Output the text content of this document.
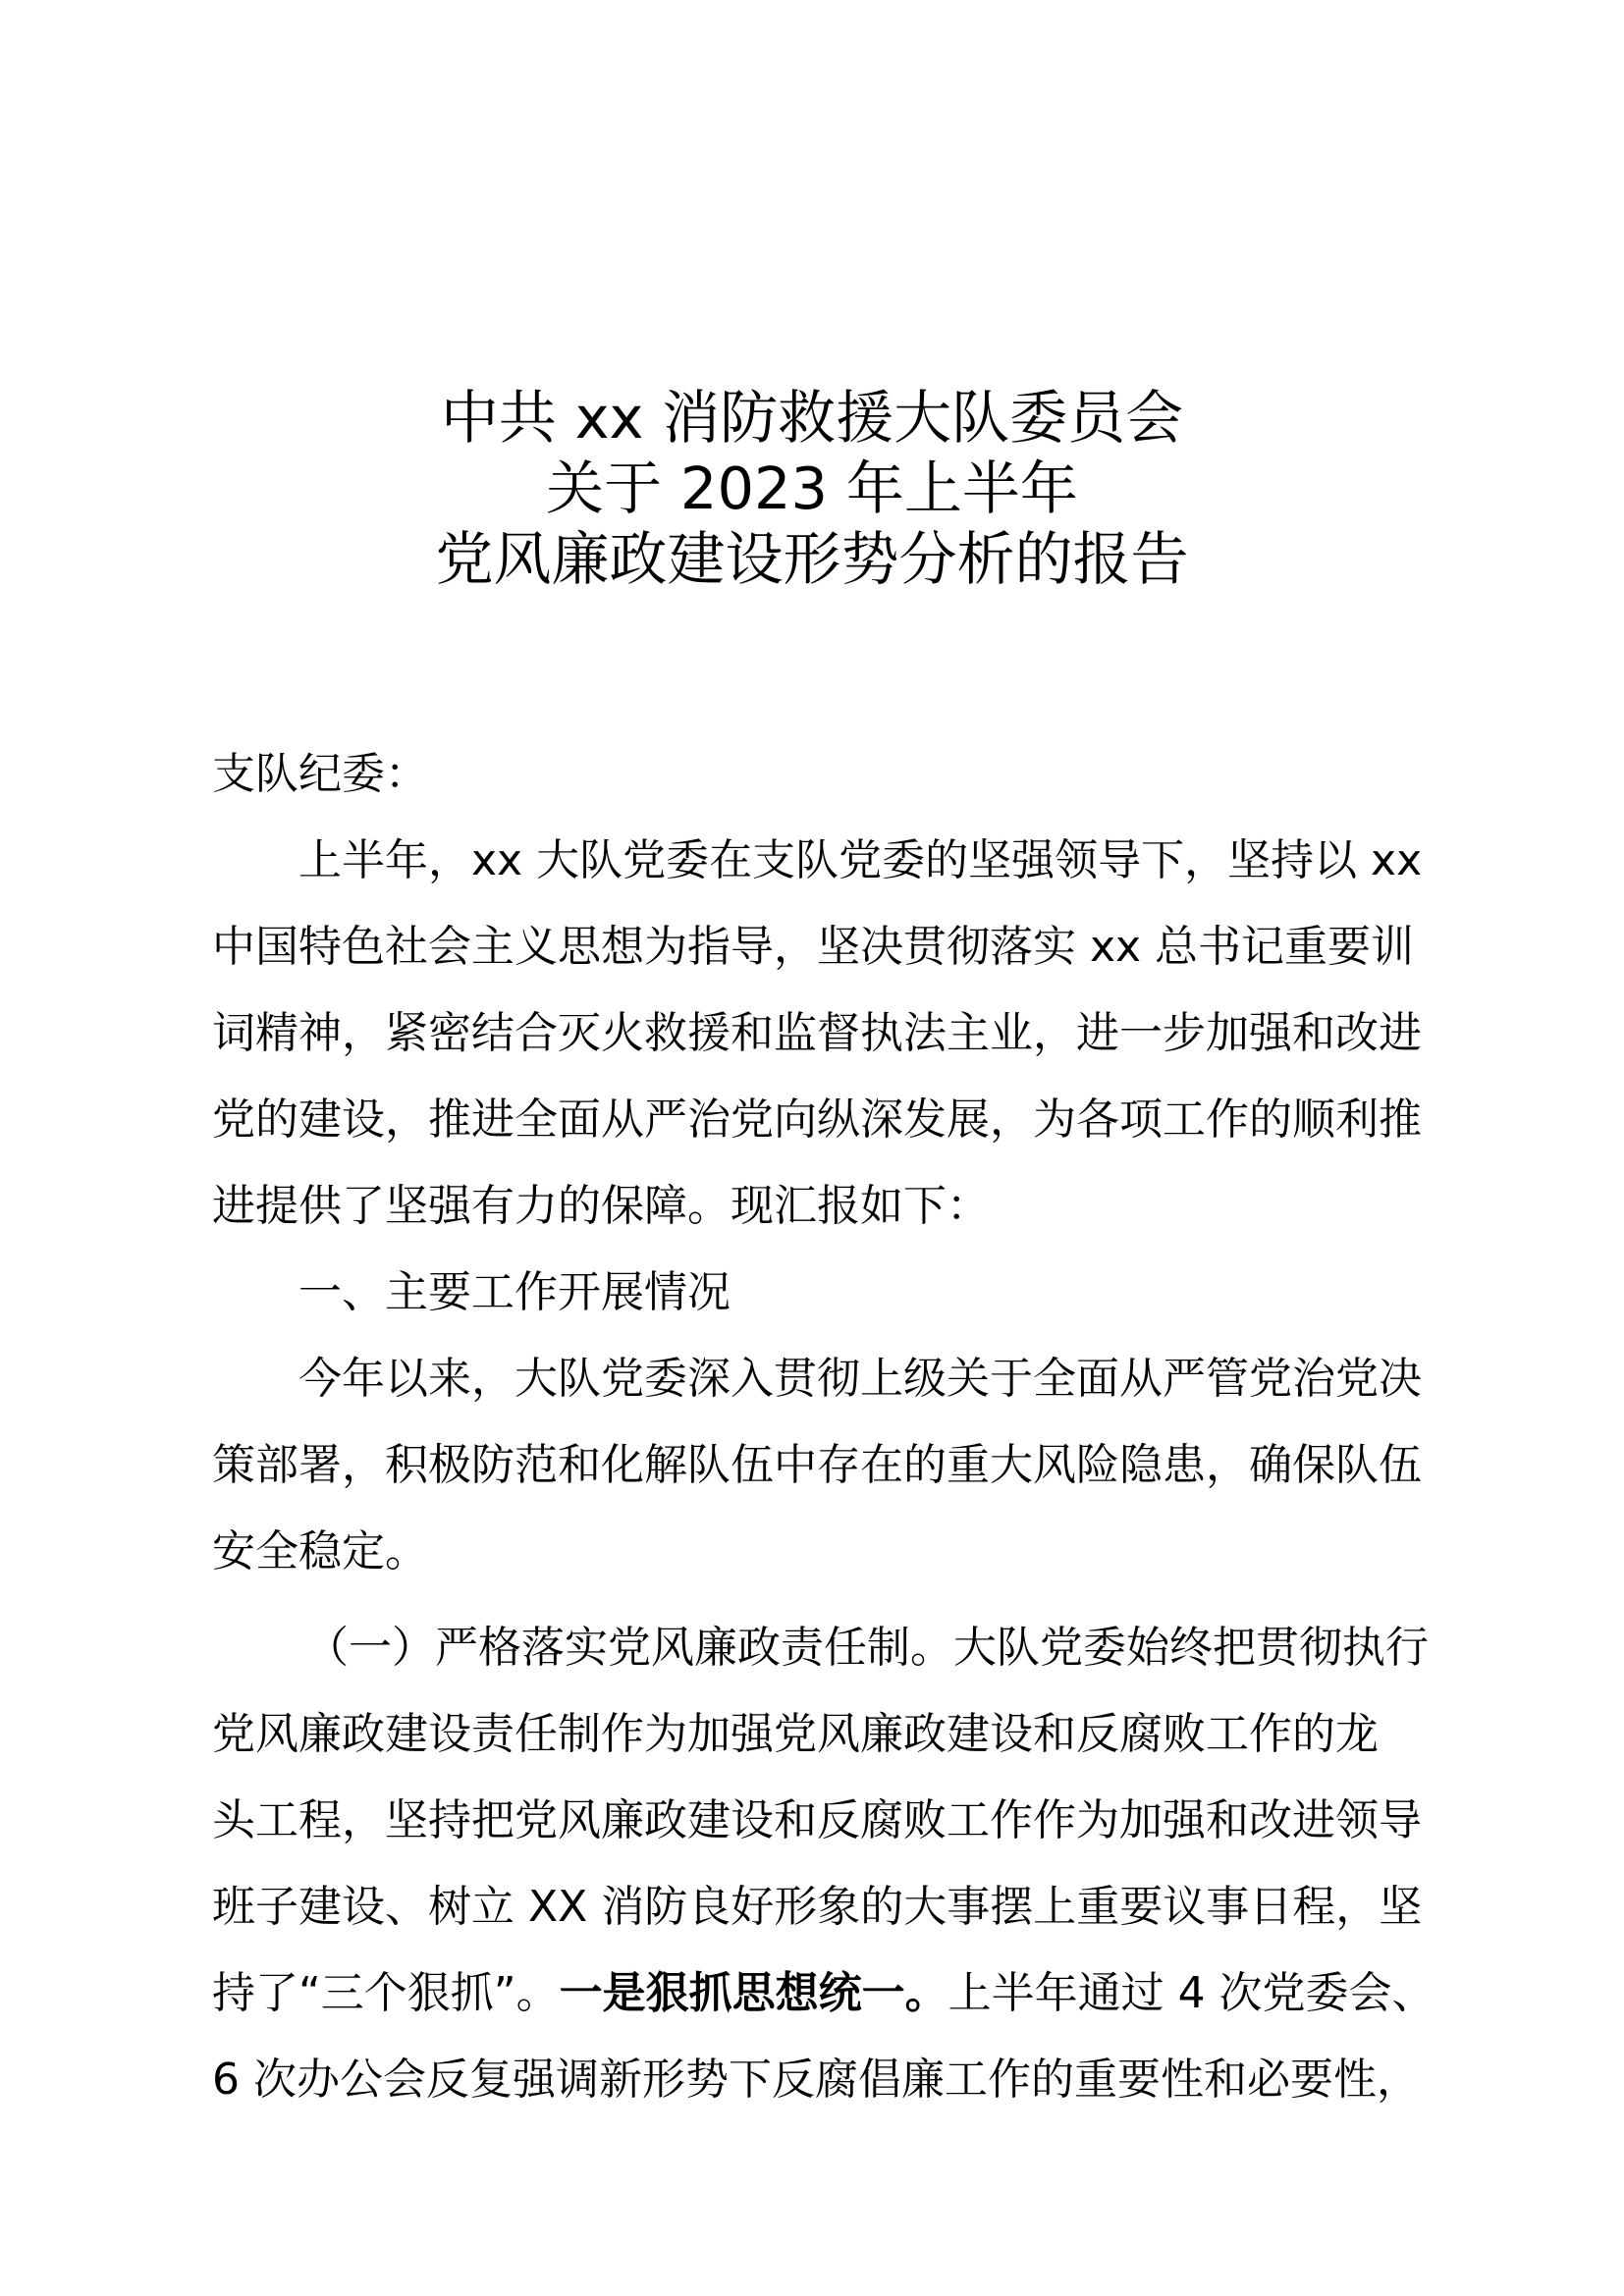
中共 xx 消防救援大队委员会
关于 2023 年上半年
党风廉政建设形势分析的报告
支队纪委：
上半年，xx 大队党委在支队党委的坚强领导下，坚持以 xx
中国特色社会主义思想为指导，坚决贯彻落实 xx 总书记重要训
词精神，紧密结合灭火救援和监督执法主业，进一步加强和改进
党的建设，推进全面从严治党向纵深发展，为各项工作的顺利推
进提供了坚强有力的保障。现汇报如下：
一、主要工作开展情况
今年以来，大队党委深入贯彻上级关于全面从严管党治党决
策部署，积极防范和化解队伍中存在的重大风险隐患，确保队伍
安全稳定。
（一）严格落实党风廉政责任制。大队党委始终把贯彻执行
党风廉政建设责任制作为加强党风廉政建设和反腐败工作的龙
头工程，坚持把党风廉政建设和反腐败工作作为加强和改进领导
班子建设、树立 XX 消防良好形象的大事摆上重要议事日程，坚
持了“三个狠抓”。一是狠抓思想统一。上半年通过 4 次党委会、
6 次办公会反复强调新形势下反腐倡廉工作的重要性和必要性，
